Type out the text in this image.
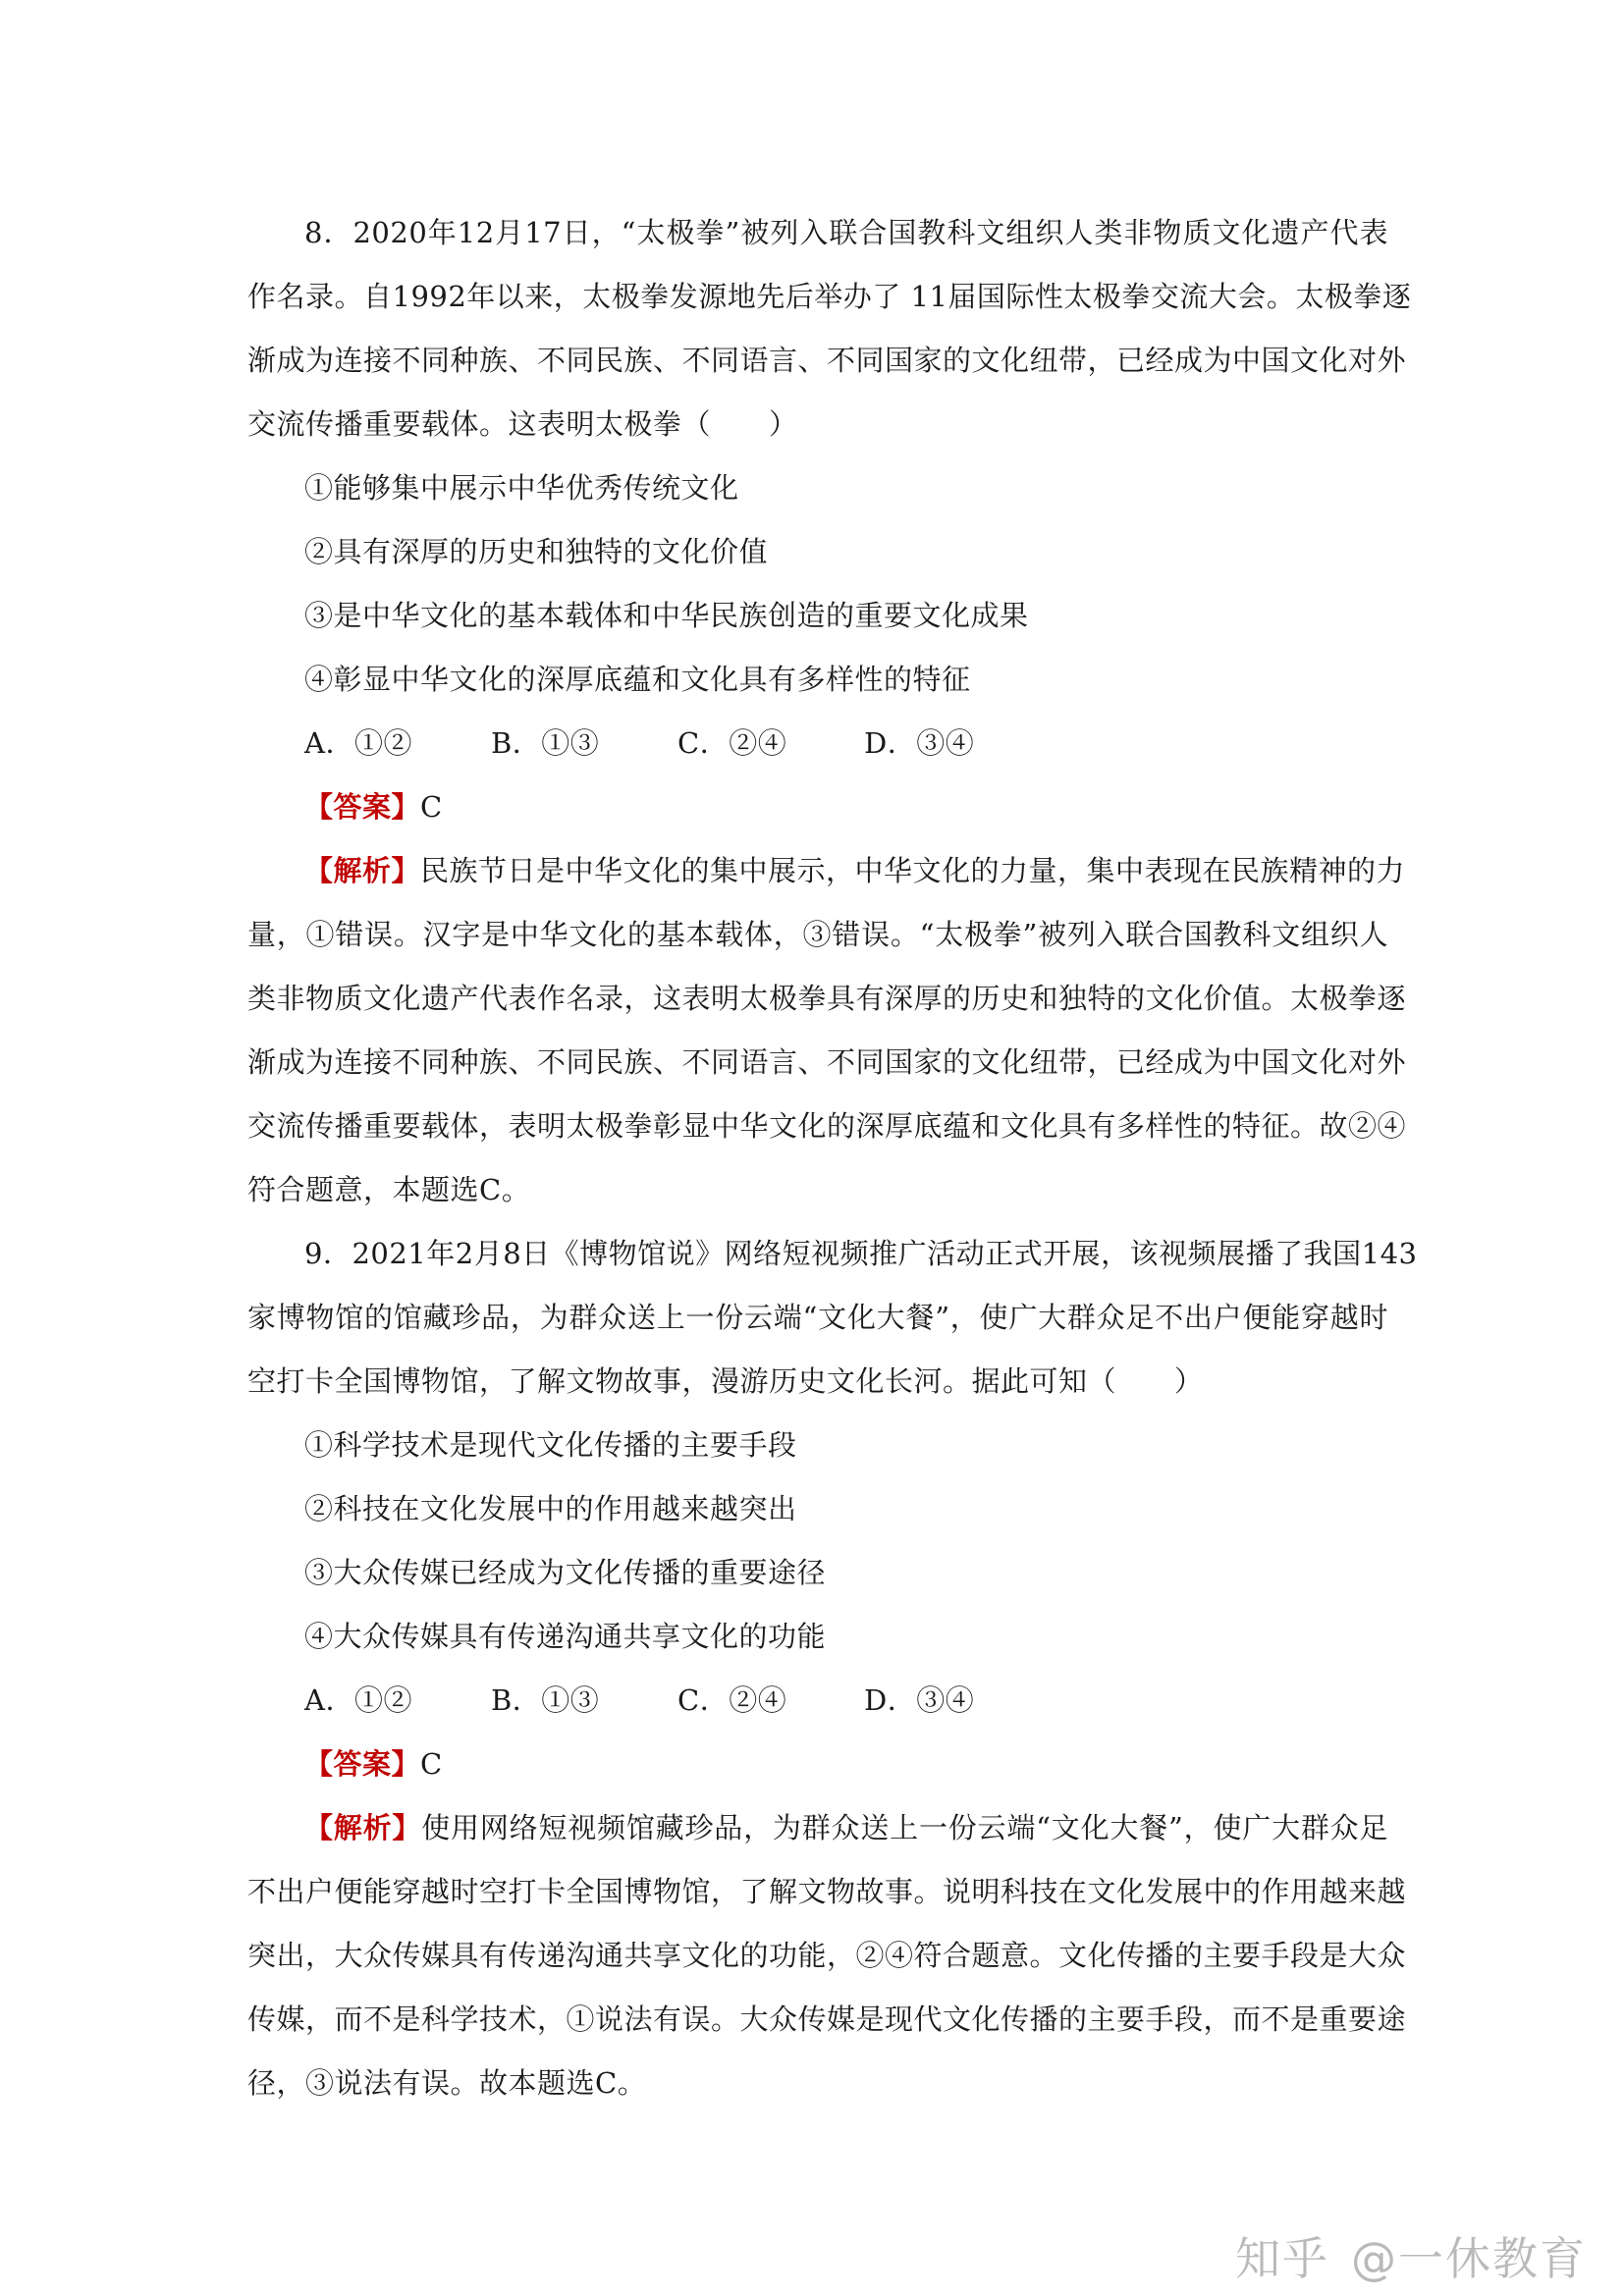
8．2020年12月17日，“太极拳”被列入联合国教科文组织人类非物质文化遗产代表
作名录。自1992年以来，太极拳发源地先后举办了 11届国际性太极拳交流大会。太极拳逐
渐成为连接不同种族、不同民族、不同语言、不同国家的文化纽带，已经成为中国文化对外
交流传播重要载体。这表明太极拳（　　）
①能够集中展示中华优秀传统文化
②具有深厚的历史和独特的文化价值
③是中华文化的基本载体和中华民族创造的重要文化成果
④彰显中华文化的深厚底蕴和文化具有多样性的特征
A．①②	B．①③	C．②④	D．③④
【答案】C
【解析】民族节日是中华文化的集中展示，中华文化的力量，集中表现在民族精神的力
量，①错误。汉字是中华文化的基本载体，③错误。“太极拳”被列入联合国教科文组织人
类非物质文化遗产代表作名录，这表明太极拳具有深厚的历史和独特的文化价值。太极拳逐
渐成为连接不同种族、不同民族、不同语言、不同国家的文化纽带，已经成为中国文化对外
交流传播重要载体，表明太极拳彰显中华文化的深厚底蕴和文化具有多样性的特征。故②④
符合题意，本题选C。
9．2021年2月8日《博物馆说》网络短视频推广活动正式开展，该视频展播了我国143
家博物馆的馆藏珍品，为群众送上一份云端“文化大餐”，使广大群众足不出户便能穿越时
空打卡全国博物馆，了解文物故事，漫游历史文化长河。据此可知（　　）
①科学技术是现代文化传播的主要手段
②科技在文化发展中的作用越来越突出
③大众传媒已经成为文化传播的重要途径
④大众传媒具有传递沟通共享文化的功能
A．①②	B．①③	C．②④	D．③④
【答案】C
【解析】使用网络短视频馆藏珍品，为群众送上一份云端“文化大餐”，使广大群众足
不出户便能穿越时空打卡全国博物馆，了解文物故事。说明科技在文化发展中的作用越来越
突出，大众传媒具有传递沟通共享文化的功能，②④符合题意。文化传播的主要手段是大众
传媒，而不是科学技术，①说法有误。大众传媒是现代文化传播的主要手段，而不是重要途
径，③说法有误。故本题选C。
知乎 @一休教育
